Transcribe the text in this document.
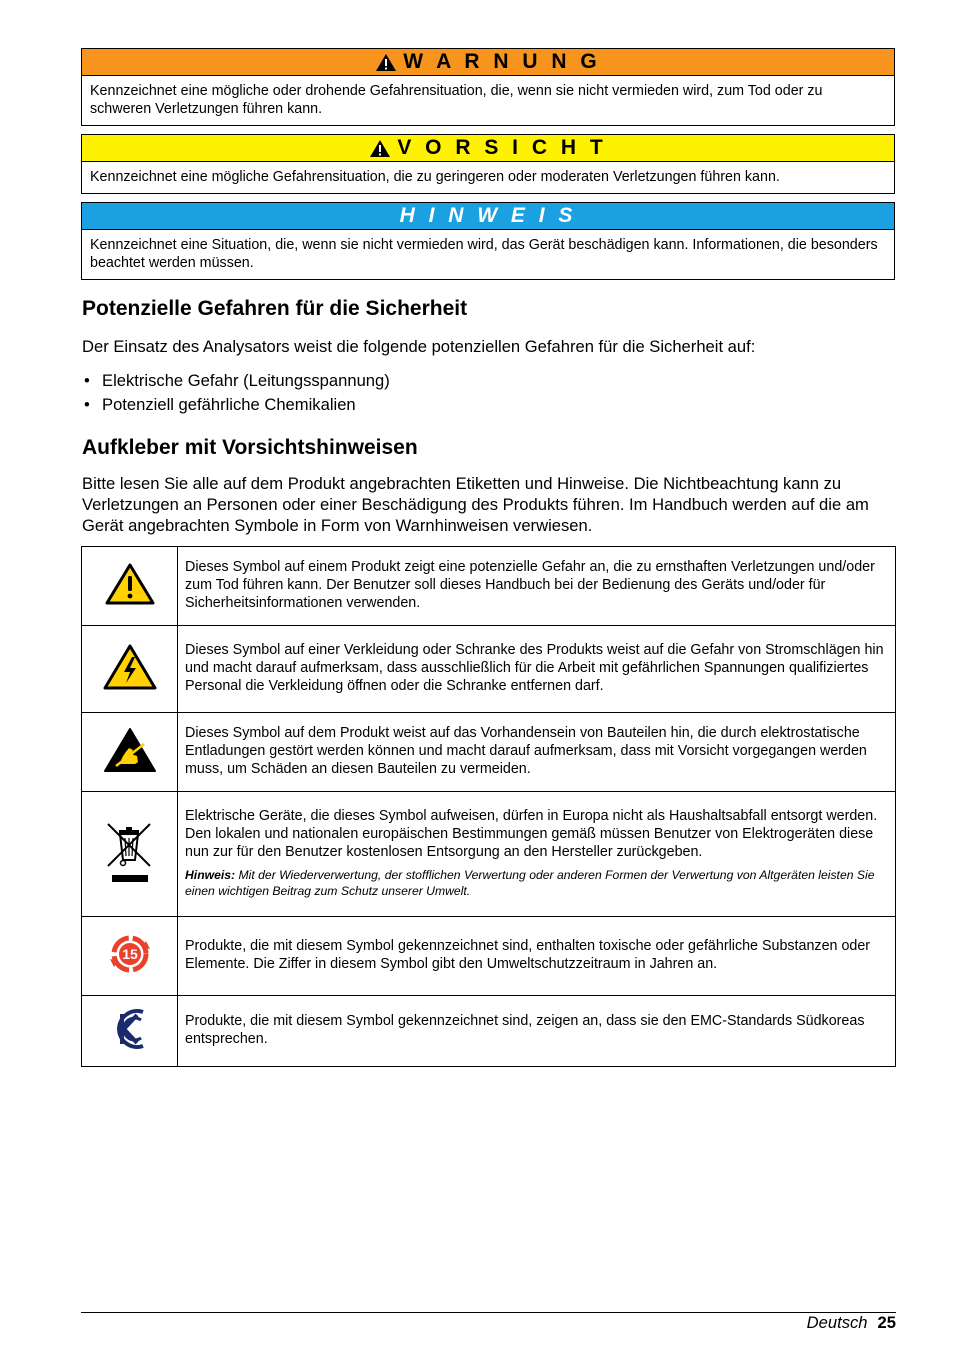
W A R N U N G
Kennzeichnet eine mögliche oder drohende Gefahrensituation, die, wenn sie nicht vermieden wird, zum Tod oder zu schweren Verletzungen führen kann.
V O R S I C H T
Kennzeichnet eine mögliche Gefahrensituation, die zu geringeren oder moderaten Verletzungen führen kann.
H I N W E I S
Kennzeichnet eine Situation, die, wenn sie nicht vermieden wird, das Gerät beschädigen kann. Informationen, die besonders beachtet werden müssen.
Potenzielle Gefahren für die Sicherheit

Der Einsatz des Analysators weist die folgende potenziellen Gefahren für die Sicherheit auf:

• Elektrische Gefahr (Leitungsspannung)
• Potenziell gefährliche Chemikalien
Aufkleber mit Vorsichtshinweisen

Bitte lesen Sie alle auf dem Produkt angebrachten Etiketten und Hinweise. Die Nichtbeachtung kann zu Verletzungen an Personen oder einer Beschädigung des Produkts führen. Im Handbuch werden auf die am Gerät angebrachten Symbole in Form von Warnhinweisen verwiesen.

	Dieses Symbol auf einem Produkt zeigt eine potenzielle Gefahr an, die zu ernsthaften Verletzungen und/oder zum Tod führen kann. Der Benutzer soll dieses Handbuch bei der Bedienung des Geräts und/oder für Sicherheitsinformationen verwenden.
	Dieses Symbol auf einer Verkleidung oder Schranke des Produkts weist auf die Gefahr von Stromschlägen hin und macht darauf aufmerksam, dass ausschließlich für die Arbeit mit gefährlichen Spannungen qualifiziertes Personal die Verkleidung öffnen oder die Schranke entfernen darf.
	Dieses Symbol auf dem Produkt weist auf das Vorhandensein von Bauteilen hin, die durch elektrostatische Entladungen gestört werden können und macht darauf aufmerksam, dass mit Vorsicht vorgegangen werden muss, um Schäden an diesen Bauteilen zu vermeiden.

Elektrische Geräte, die dieses Symbol aufweisen, dürfen in Europa nicht als Haushaltsabfall entsorgt werden. Den lokalen und nationalen europäischen Bestimmungen gemäß müssen Benutzer von Elektrogeräten diese nun zur für den Benutzer kostenlosen Entsorgung an den Hersteller zurückgeben.
Hinweis: Mit der Wiederverwertung, der stofflichen Verwertung oder anderen Formen der Verwertung von Altgeräten leisten Sie einen wichtigen Beitrag zum Schutz unserer Umwelt.

15	Produkte, die mit diesem Symbol gekennzeichnet sind, enthalten toxische oder gefährliche Substanzen oder Elemente. Die Ziffer in diesem Symbol gibt den Umweltschutzzeitraum in Jahren an.
	Produkte, die mit diesem Symbol gekennzeichnet sind, zeigen an, dass sie den EMC-Standards Südkoreas entsprechen.
Deutsch 25
